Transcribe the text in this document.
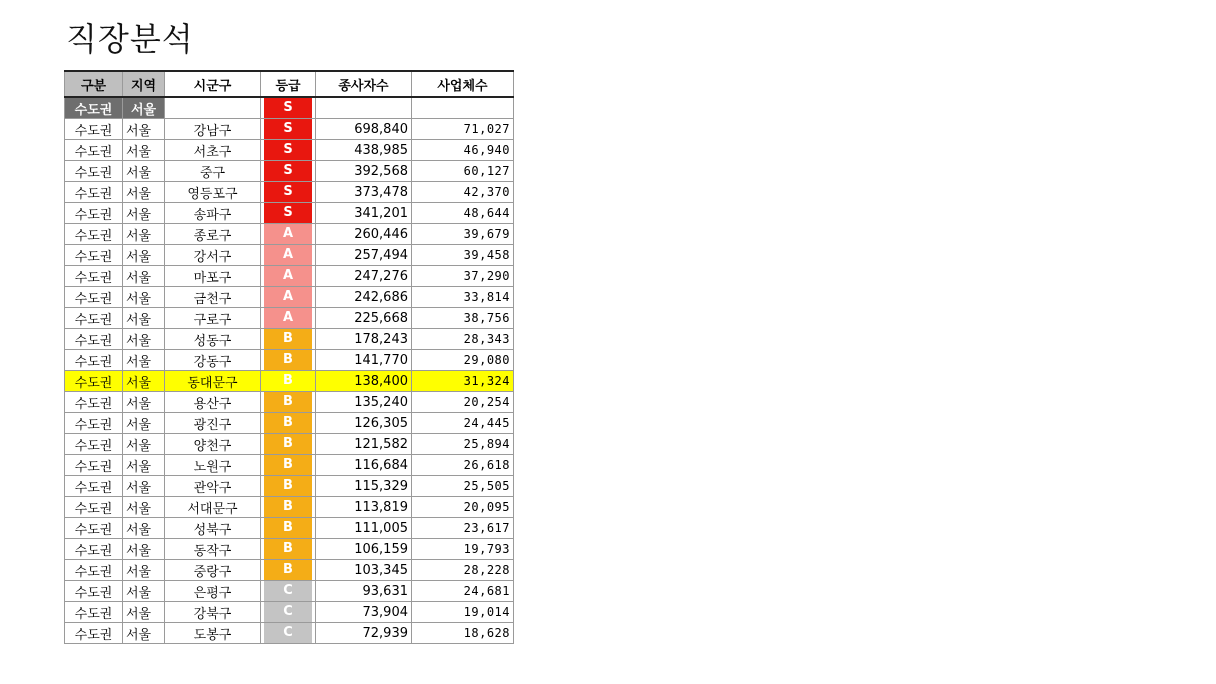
직장분석
구분	지역	시군구	등급	종사자수	사업체수
수도권	서울		S		
수도권	서울	강남구	S	698,840	71,027
수도권	서울	서초구	S	438,985	46,940
수도권	서울	중구	S	392,568	60,127
수도권	서울	영등포구	S	373,478	42,370
수도권	서울	송파구	S	341,201	48,644
수도권	서울	종로구	A	260,446	39,679
수도권	서울	강서구	A	257,494	39,458
수도권	서울	마포구	A	247,276	37,290
수도권	서울	금천구	A	242,686	33,814
수도권	서울	구로구	A	225,668	38,756
수도권	서울	성동구	B	178,243	28,343
수도권	서울	강동구	B	141,770	29,080
수도권	서울	동대문구	B	138,400	31,324
수도권	서울	용산구	B	135,240	20,254
수도권	서울	광진구	B	126,305	24,445
수도권	서울	양천구	B	121,582	25,894
수도권	서울	노원구	B	116,684	26,618
수도권	서울	관악구	B	115,329	25,505
수도권	서울	서대문구	B	113,819	20,095
수도권	서울	성북구	B	111,005	23,617
수도권	서울	동작구	B	106,159	19,793
수도권	서울	중랑구	B	103,345	28,228
수도권	서울	은평구	C	93,631	24,681
수도권	서울	강북구	C	73,904	19,014
수도권	서울	도봉구	C	72,939	18,628
